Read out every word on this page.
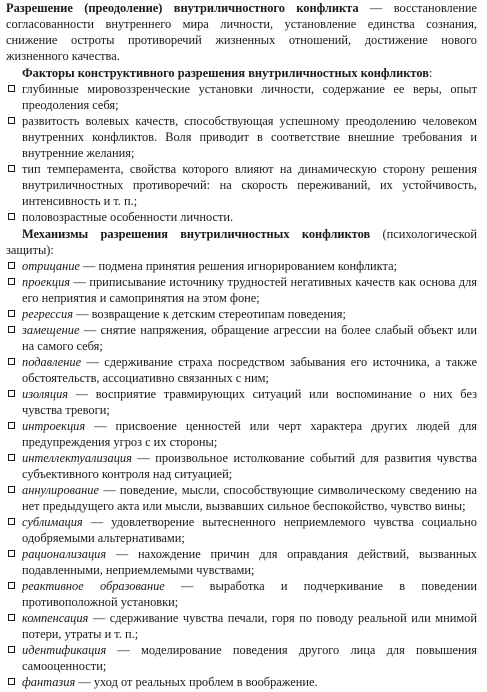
Разрешение (преодоление) внутриличностного конфликта — восстановление согласованности внутреннего мира личности, установление единства сознания, снижение остроты противоречий жизненных отношений, достижение нового жизненного качества.

Факторы конструктивного разрешения внутриличностных конфликтов:

глубинные мировоззренческие установки личности, содержание ее веры, опыт преодоления себя;
развитость волевых качеств, способствующая успешному преодолению человеком внутренних конфликтов. Воля приводит в соответствие внешние требования и внутренние желания;
тип темперамента, свойства которого влияют на динамическую сторону решения внутриличностных противоречий: на скорость переживаний, их устойчивость, интенсивность и т. п.;
половозрастные особенности личности.

Механизмы разрешения внутриличностных конфликтов (психологической защиты):

отрицание — подмена принятия решения игнорированием конфликта;
проекция — приписывание источнику трудностей негативных качеств как основа для его неприятия и самопринятия на этом фоне;
регрессия — возвращение к детским стереотипам поведения;
замещение — снятие напряжения, обращение агрессии на более слабый объект или на самого себя;
подавление — сдерживание страха посредством забывания его источника, а также обстоятельств, ассоциативно связанных с ним;
изоляция — восприятие травмирующих ситуаций или воспоминание о них без чувства тревоги;
интроекция — присвоение ценностей или черт характера других людей для предупреждения угроз с их стороны;
интеллектуализация — произвольное истолкование событий для развития чувства субъективного контроля над ситуацией;
аннулирование — поведение, мысли, способствующие символическому сведению на нет предыдущего акта или мысли, вызвавших сильное беспокойство, чувство вины;
сублимация — удовлетворение вытесненного неприемлемого чувства социально одобряемыми альтернативами;
рационализация — нахождение причин для оправдания действий, вызванных подавленными, неприемлемыми чувствами;
реактивное образование — выработка и подчеркивание в поведении противоположной установки;
компенсация — сдерживание чувства печали, горя по поводу реальной или мнимой потери, утраты и т. п.;
идентификация — моделирование поведения другого лица для повышения самооценности;
фантазия — уход от реальных проблем в воображение.
